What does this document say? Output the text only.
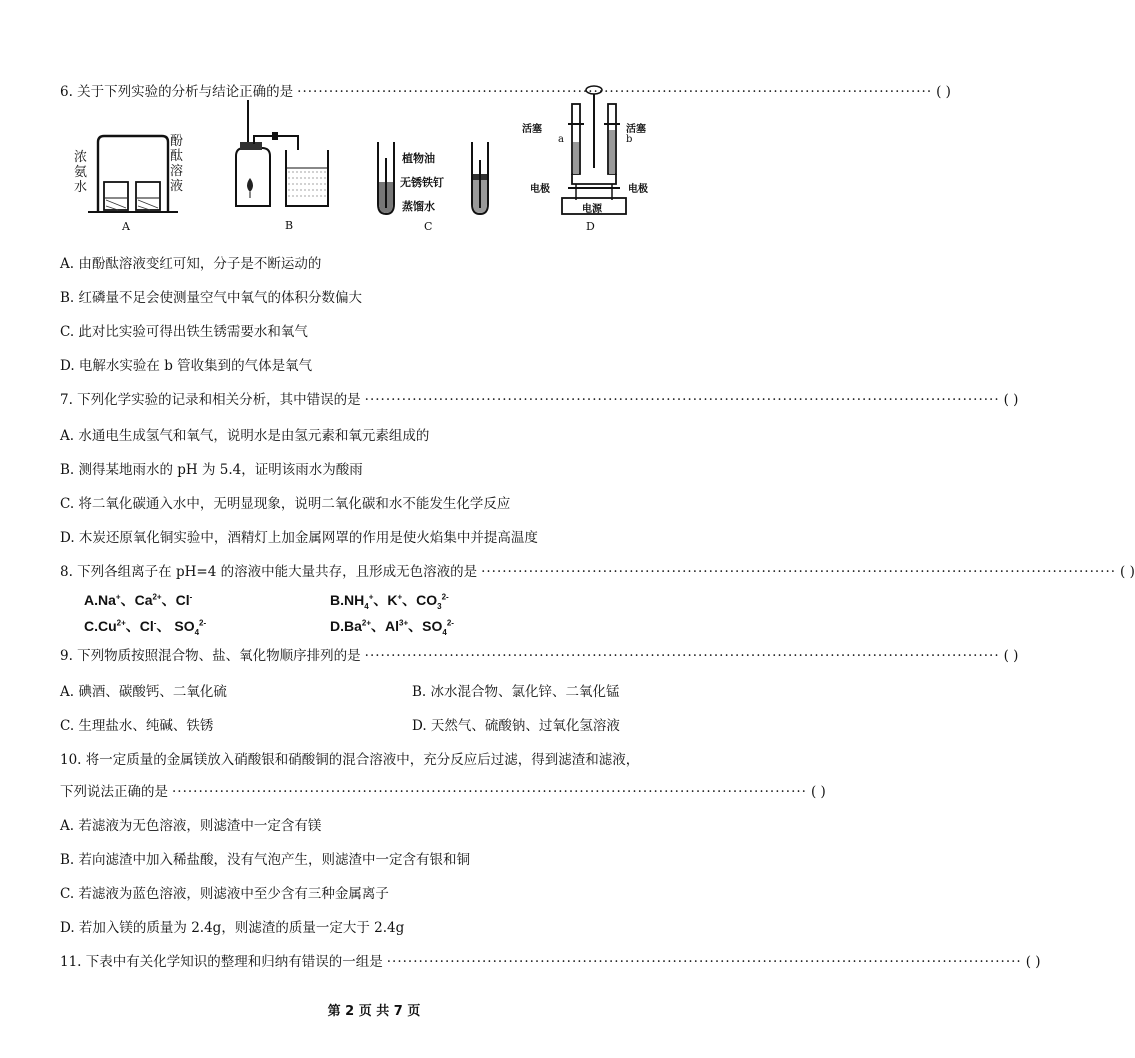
6. 关于下列实验的分析与结论正确的是 ························································································································ ( )
浓氨水
酚酞溶液
A	B
植物油
无锈铁钉
蒸馏水
C
活塞	活塞
a	b
电极	电极
电源
D
A. 由酚酞溶液变红可知，分子是不断运动的
B. 红磷量不足会使测量空气中氧气的体积分数偏大
C. 此对比实验可得出铁生锈需要水和氧气
D. 电解水实验在 b 管收集到的气体是氧气
7. 下列化学实验的记录和相关分析，其中错误的是 ························································································································ ( )
A. 水通电生成氢气和氧气，说明水是由氢元素和氧元素组成的
B. 测得某地雨水的 pH 为 5.4，证明该雨水为酸雨
C. 将二氧化碳通入水中，无明显现象，说明二氧化碳和水不能发生化学反应
D. 木炭还原氧化铜实验中，酒精灯上加金属网罩的作用是使火焰集中并提高温度
8. 下列各组离子在 pH=4 的溶液中能大量共存，且形成无色溶液的是 ························································································································ ( )
A.Na+、$Ca^{2+}$、Cl-	$B.NH_4^+$、K+、$CO_3^{2-}$
$C.Cu^{2+}$、Cl-、 $SO_4^{2-}$	$D.Ba^{2+}$、$Al^{3+}$、$SO_4^{2-}$
9. 下列物质按照混合物、盐、氧化物顺序排列的是 ························································································································ ( )
A. 碘酒、碳酸钙、二氧化硫	B. 冰水混合物、氯化锌、二氧化锰
C. 生理盐水、纯碱、铁锈	D. 天然气、硫酸钠、过氧化氢溶液
10. 将一定质量的金属镁放入硝酸银和硝酸铜的混合溶液中，充分反应后过滤，得到滤渣和滤液，
下列说法正确的是 ························································································································ ( )
A. 若滤液为无色溶液，则滤渣中一定含有镁
B. 若向滤渣中加入稀盐酸，没有气泡产生，则滤渣中一定含有银和铜
C. 若滤液为蓝色溶液，则滤液中至少含有三种金属离子
D. 若加入镁的质量为 2.4g，则滤渣的质量一定大于 2.4g
11. 下表中有关化学知识的整理和归纳有错误的一组是 ························································································································ ( )
第 2 页 共 7 页
